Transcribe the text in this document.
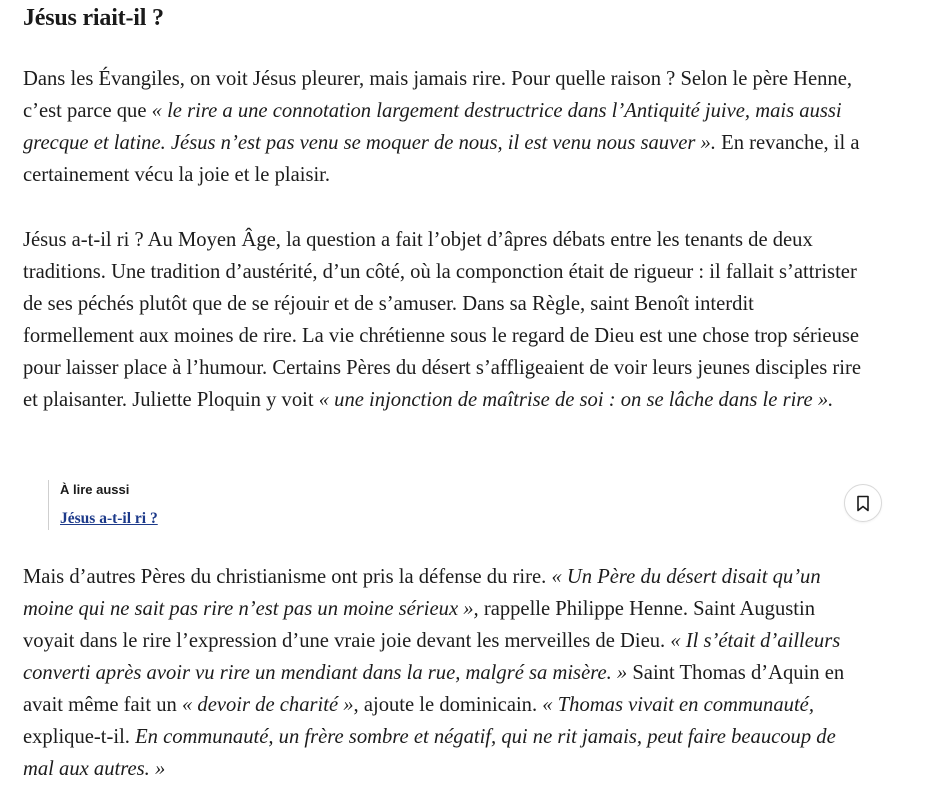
Jésus riait-il ?

Dans les Évangiles, on voit Jésus pleurer, mais jamais rire. Pour quelle raison ? Selon le père Henne, c’est parce que « le rire a une connotation largement destructrice dans l’Antiquité juive, mais aussi grecque et latine. Jésus n’est pas venu se moquer de nous, il est venu nous sauver ». En revanche, il a certainement vécu la joie et le plaisir.

Jésus a-t-il ri ? Au Moyen Âge, la question a fait l’objet d’âpres débats entre les tenants de deux traditions. Une tradition d’austérité, d’un côté, où la componction était de rigueur : il fallait s’attrister de ses péchés plutôt que de se réjouir et de s’amuser. Dans sa Règle, saint Benoît interdit formellement aux moines de rire. La vie chrétienne sous le regard de Dieu est une chose trop sérieuse pour laisser place à l’humour. Certains Pères du désert s’affligeaient de voir leurs jeunes disciples rire et plaisanter. Juliette Ploquin y voit « une injonction de maîtrise de soi : on se lâche dans le rire ».

À lire aussi
Jésus a-t-il ri ?

Mais d’autres Pères du christianisme ont pris la défense du rire. « Un Père du désert disait qu’un moine qui ne sait pas rire n’est pas un moine sérieux », rappelle Philippe Henne. Saint Augustin voyait dans le rire l’expression d’une vraie joie devant les merveilles de Dieu. « Il s’était d’ailleurs converti après avoir vu rire un mendiant dans la rue, malgré sa misère. » Saint Thomas d’Aquin en avait même fait un « devoir de charité », ajoute le dominicain. « Thomas vivait en communauté, explique-t-il. En communauté, un frère sombre et négatif, qui ne rit jamais, peut faire beaucoup de mal aux autres. »
